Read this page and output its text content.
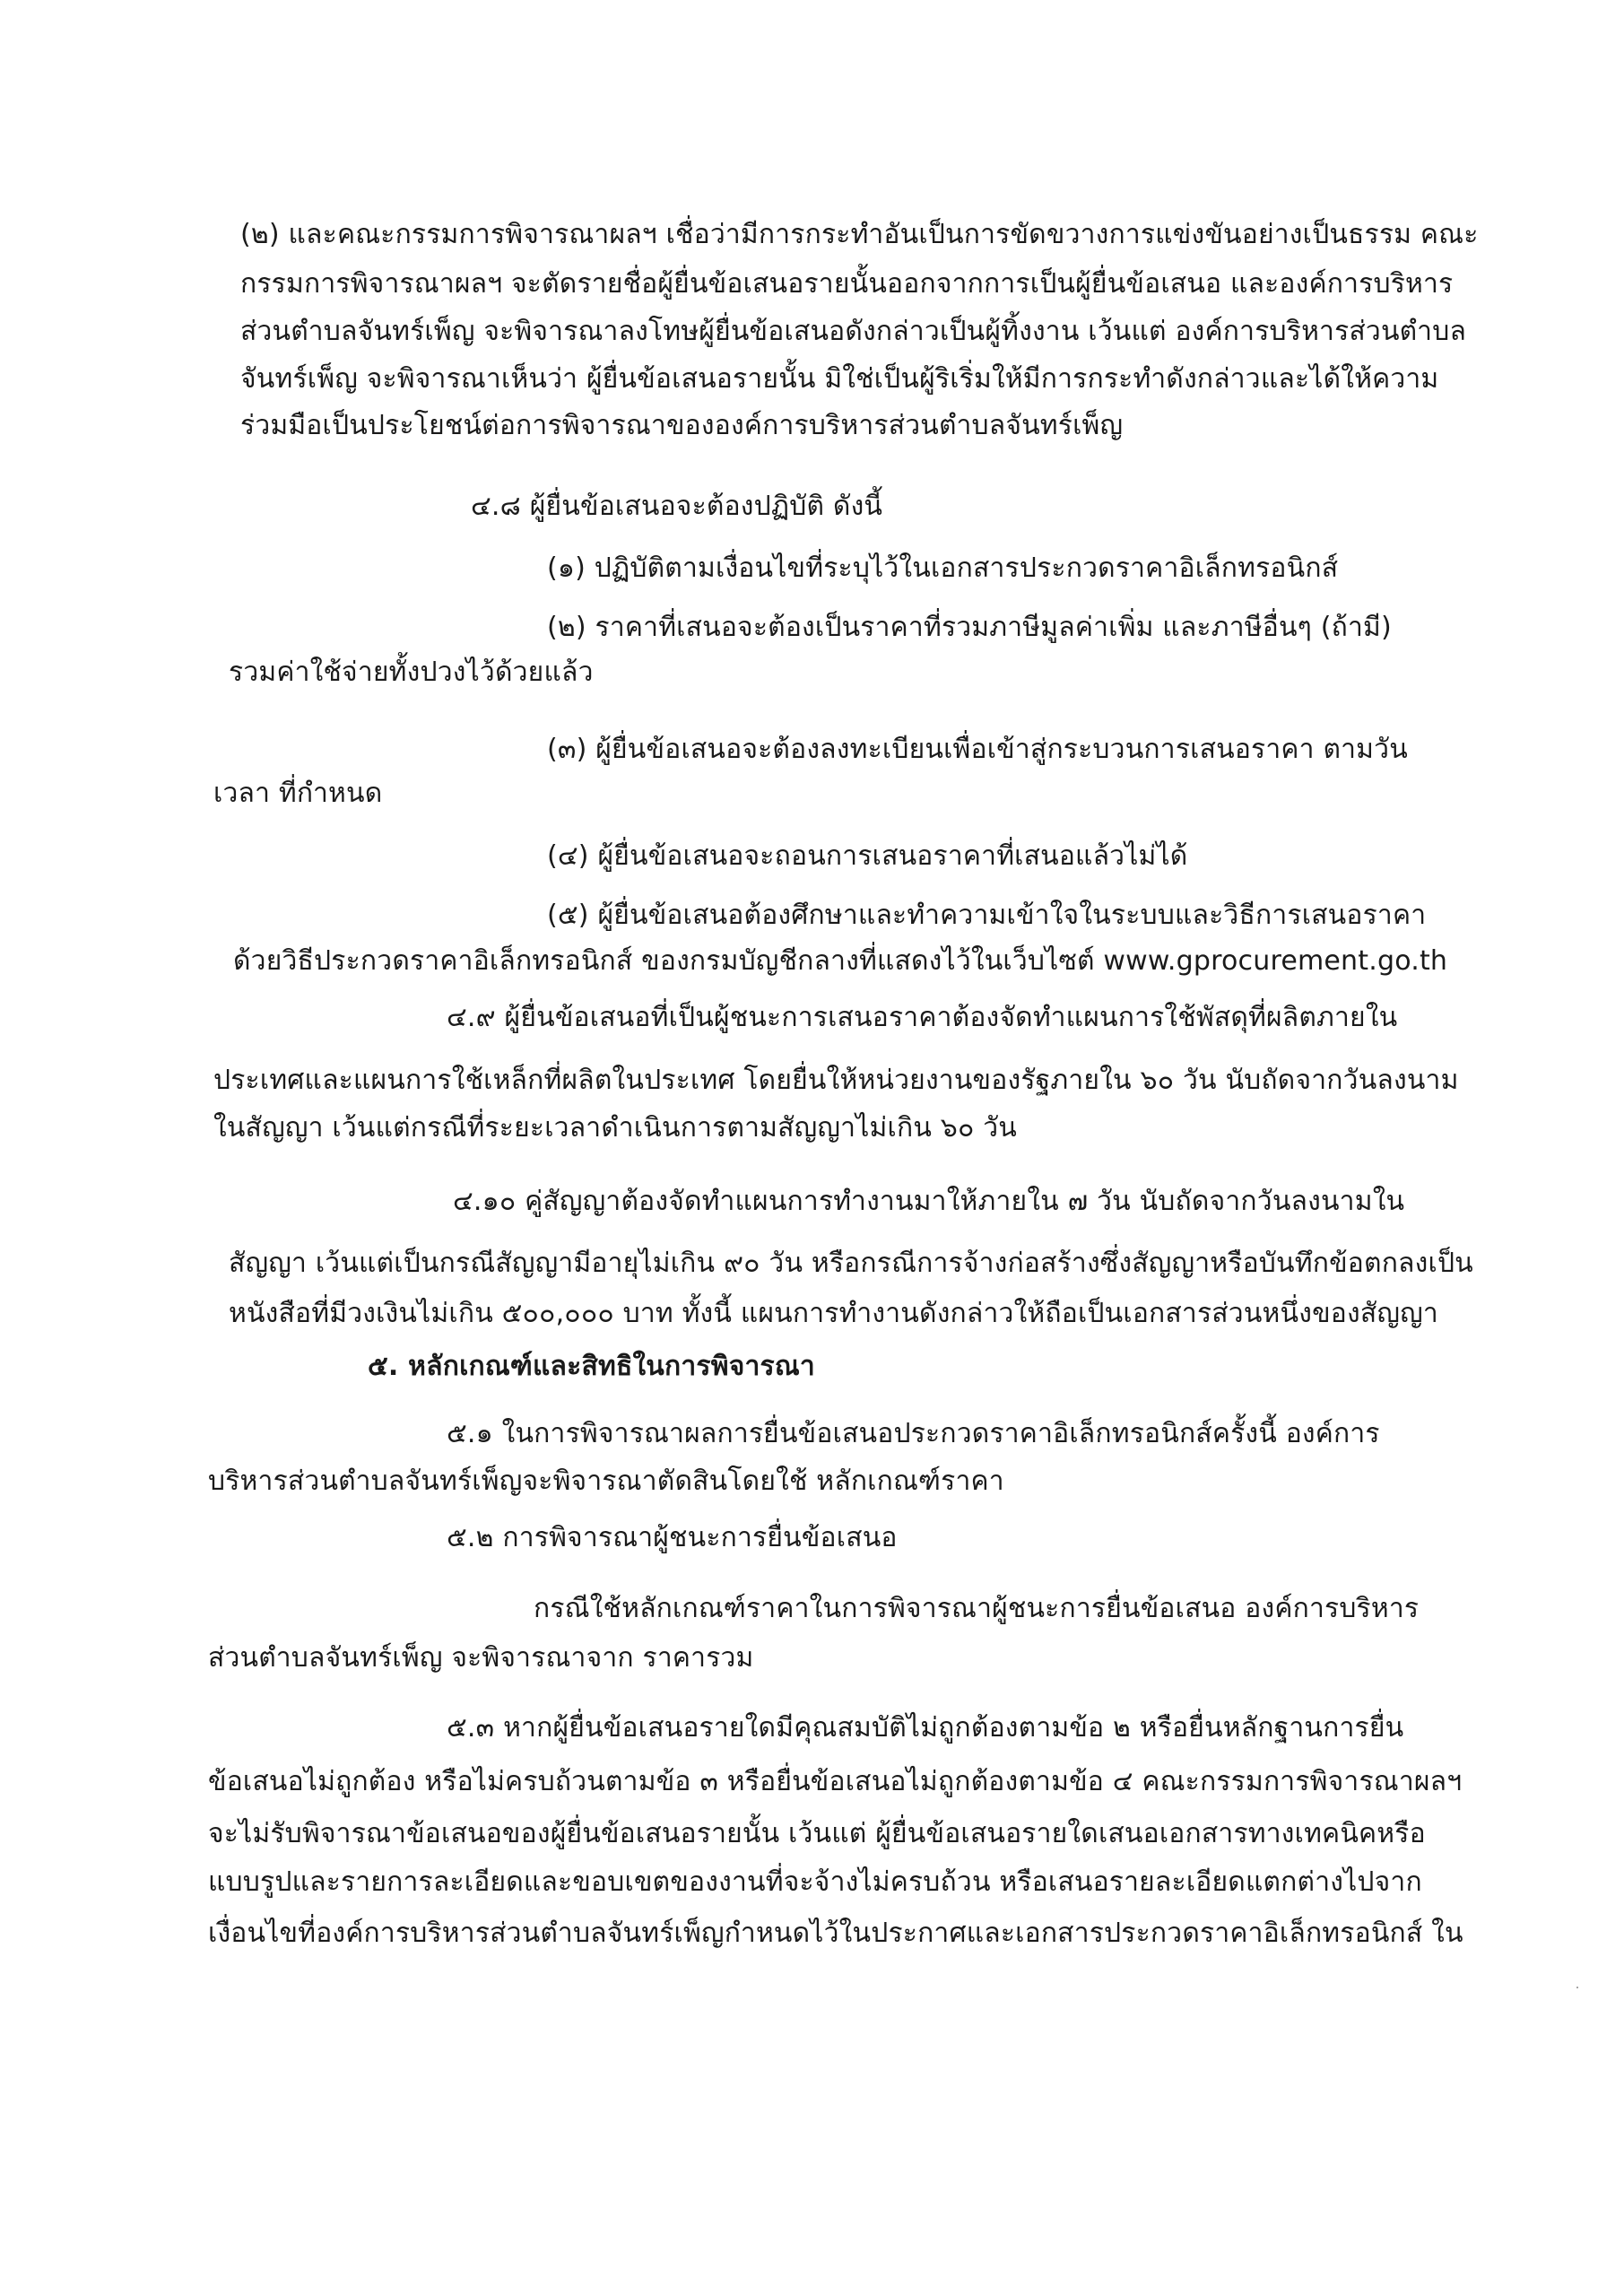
(๒) และคณะกรรมการพิจารณาผลฯ เชื่อว่ามีการกระทำอันเป็นการขัดขวางการแข่งขันอย่างเป็นธรรม คณะ
กรรมการพิจารณาผลฯ จะตัดรายชื่อผู้ยื่นข้อเสนอรายนั้นออกจากการเป็นผู้ยื่นข้อเสนอ และองค์การบริหาร
ส่วนตำบลจันทร์เพ็ญ จะพิจารณาลงโทษผู้ยื่นข้อเสนอดังกล่าวเป็นผู้ทิ้งงาน เว้นแต่ องค์การบริหารส่วนตำบล
จันทร์เพ็ญ จะพิจารณาเห็นว่า ผู้ยื่นข้อเสนอรายนั้น มิใช่เป็นผู้ริเริ่มให้มีการกระทำดังกล่าวและได้ให้ความ
ร่วมมือเป็นประโยชน์ต่อการพิจารณาขององค์การบริหารส่วนตำบลจันทร์เพ็ญ
๔.๘ ผู้ยื่นข้อเสนอจะต้องปฏิบัติ ดังนี้
(๑) ปฏิบัติตามเงื่อนไขที่ระบุไว้ในเอกสารประกวดราคาอิเล็กทรอนิกส์
(๒) ราคาที่เสนอจะต้องเป็นราคาที่รวมภาษีมูลค่าเพิ่ม และภาษีอื่นๆ (ถ้ามี)
รวมค่าใช้จ่ายทั้งปวงไว้ด้วยแล้ว
(๓) ผู้ยื่นข้อเสนอจะต้องลงทะเบียนเพื่อเข้าสู่กระบวนการเสนอราคา ตามวัน
เวลา ที่กำหนด
(๔) ผู้ยื่นข้อเสนอจะถอนการเสนอราคาที่เสนอแล้วไม่ได้
(๕) ผู้ยื่นข้อเสนอต้องศึกษาและทำความเข้าใจในระบบและวิธีการเสนอราคา
ด้วยวิธีประกวดราคาอิเล็กทรอนิกส์ ของกรมบัญชีกลางที่แสดงไว้ในเว็บไซต์ www.gprocurement.go.th
๔.๙ ผู้ยื่นข้อเสนอที่เป็นผู้ชนะการเสนอราคาต้องจัดทำแผนการใช้พัสดุที่ผลิตภายใน
ประเทศและแผนการใช้เหล็กที่ผลิตในประเทศ โดยยื่นให้หน่วยงานของรัฐภายใน ๖๐ วัน นับถัดจากวันลงนาม
ในสัญญา เว้นแต่กรณีที่ระยะเวลาดำเนินการตามสัญญาไม่เกิน ๖๐ วัน
๔.๑๐ คู่สัญญาต้องจัดทำแผนการทำงานมาให้ภายใน ๗ วัน นับถัดจากวันลงนามใน
สัญญา เว้นแต่เป็นกรณีสัญญามีอายุไม่เกิน ๙๐ วัน หรือกรณีการจ้างก่อสร้างซึ่งสัญญาหรือบันทึกข้อตกลงเป็น
หนังสือที่มีวงเงินไม่เกิน ๕๐๐,๐๐๐ บาท ทั้งนี้ แผนการทำงานดังกล่าวให้ถือเป็นเอกสารส่วนหนึ่งของสัญญา
๕. หลักเกณฑ์และสิทธิในการพิจารณา
๕.๑ ในการพิจารณาผลการยื่นข้อเสนอประกวดราคาอิเล็กทรอนิกส์ครั้งนี้ องค์การ
บริหารส่วนตำบลจันทร์เพ็ญจะพิจารณาตัดสินโดยใช้ หลักเกณฑ์ราคา
๕.๒ การพิจารณาผู้ชนะการยื่นข้อเสนอ
กรณีใช้หลักเกณฑ์ราคาในการพิจารณาผู้ชนะการยื่นข้อเสนอ องค์การบริหาร
ส่วนตำบลจันทร์เพ็ญ จะพิจารณาจาก ราคารวม
๕.๓ หากผู้ยื่นข้อเสนอรายใดมีคุณสมบัติไม่ถูกต้องตามข้อ ๒ หรือยื่นหลักฐานการยื่น
ข้อเสนอไม่ถูกต้อง หรือไม่ครบถ้วนตามข้อ ๓ หรือยื่นข้อเสนอไม่ถูกต้องตามข้อ ๔ คณะกรรมการพิจารณาผลฯ
จะไม่รับพิจารณาข้อเสนอของผู้ยื่นข้อเสนอรายนั้น เว้นแต่ ผู้ยื่นข้อเสนอรายใดเสนอเอกสารทางเทคนิคหรือ
แบบรูปและรายการละเอียดและขอบเขตของงานที่จะจ้างไม่ครบถ้วน หรือเสนอรายละเอียดแตกต่างไปจาก
เงื่อนไขที่องค์การบริหารส่วนตำบลจันทร์เพ็ญกำหนดไว้ในประกาศและเอกสารประกวดราคาอิเล็กทรอนิกส์ ใน
